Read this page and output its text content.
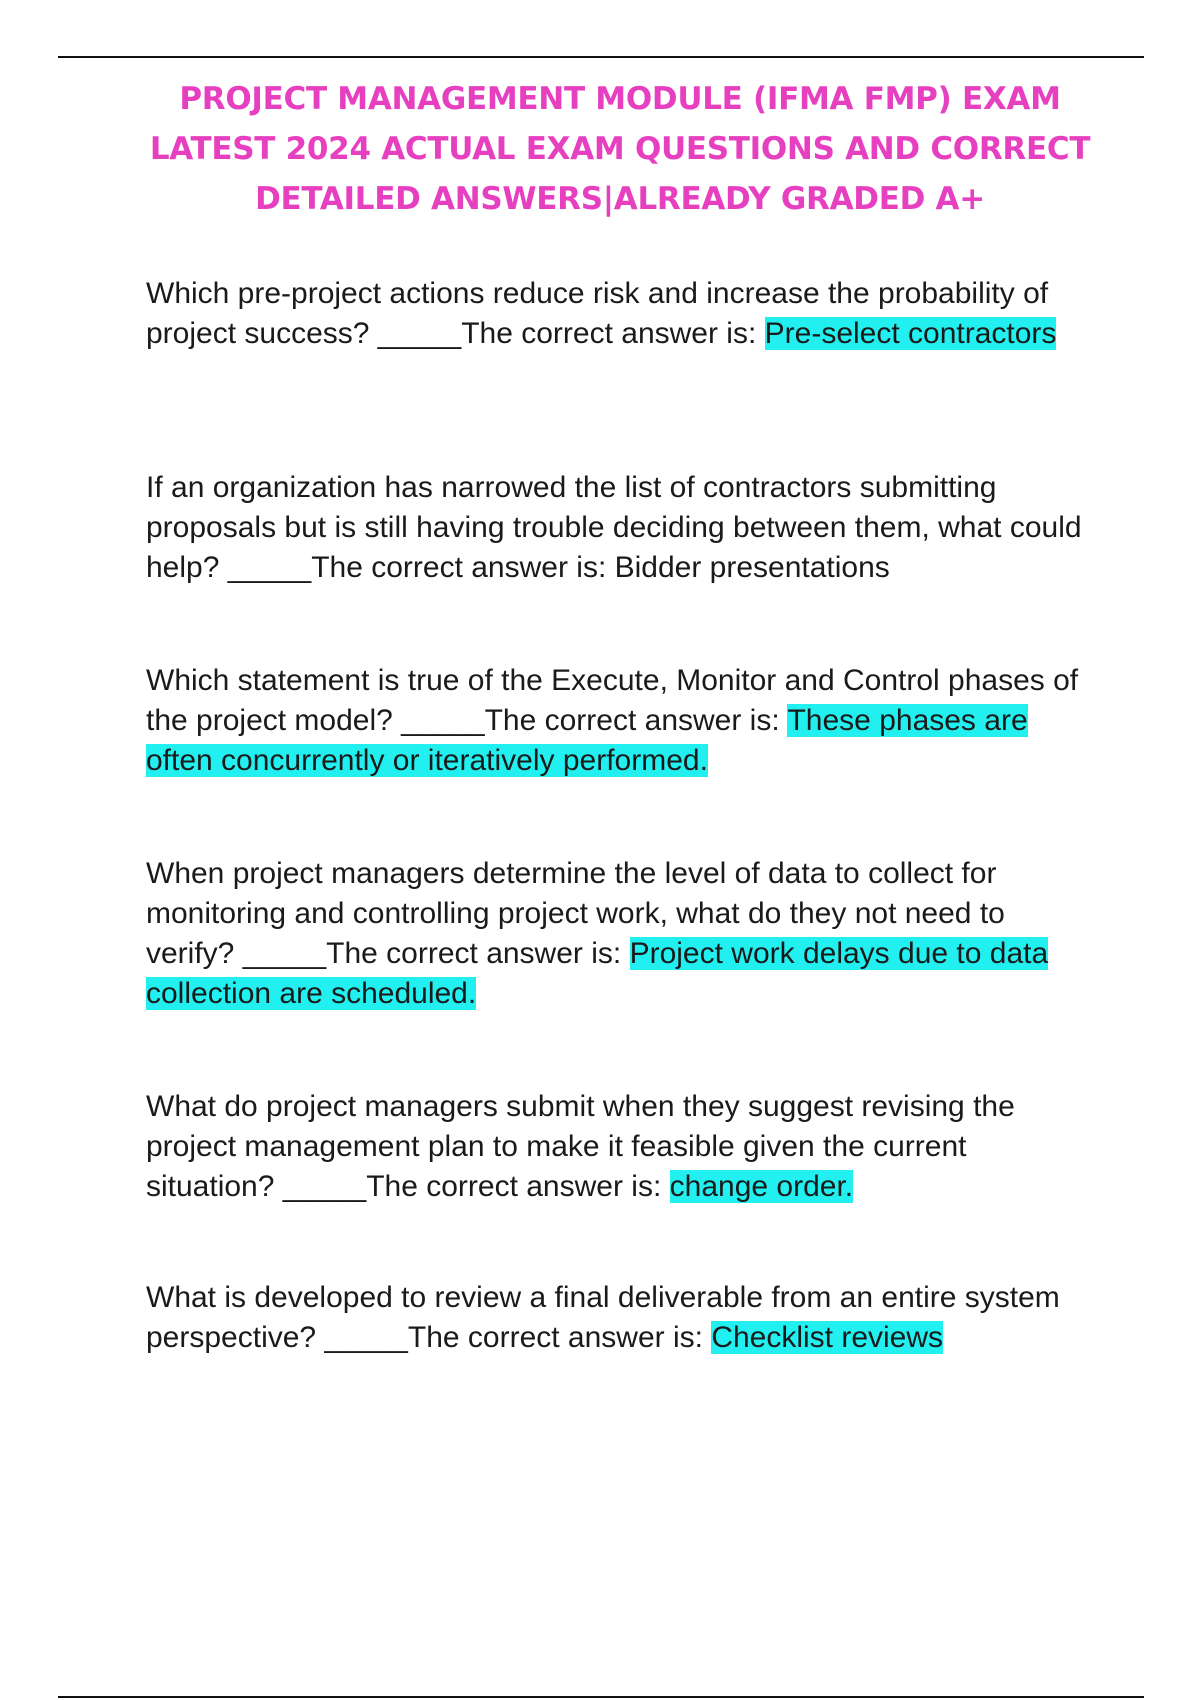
PROJECT MANAGEMENT MODULE (IFMA FMP) EXAM LATEST 2024 ACTUAL EXAM QUESTIONS AND CORRECT DETAILED ANSWERS|ALREADY GRADED A+
Which pre-project actions reduce risk and increase the probability of project success? _____The correct answer is: Pre-select contractors
If an organization has narrowed the list of contractors submitting proposals but is still having trouble deciding between them, what could help? _____The correct answer is: Bidder presentations
Which statement is true of the Execute, Monitor and Control phases of the project model? _____The correct answer is: These phases are often concurrently or iteratively performed.
When project managers determine the level of data to collect for monitoring and controlling project work, what do they not need to verify? _____The correct answer is: Project work delays due to data collection are scheduled.
What do project managers submit when they suggest revising the project management plan to make it feasible given the current situation? _____The correct answer is: change order.
What is developed to review a final deliverable from an entire system perspective? _____The correct answer is: Checklist reviews
